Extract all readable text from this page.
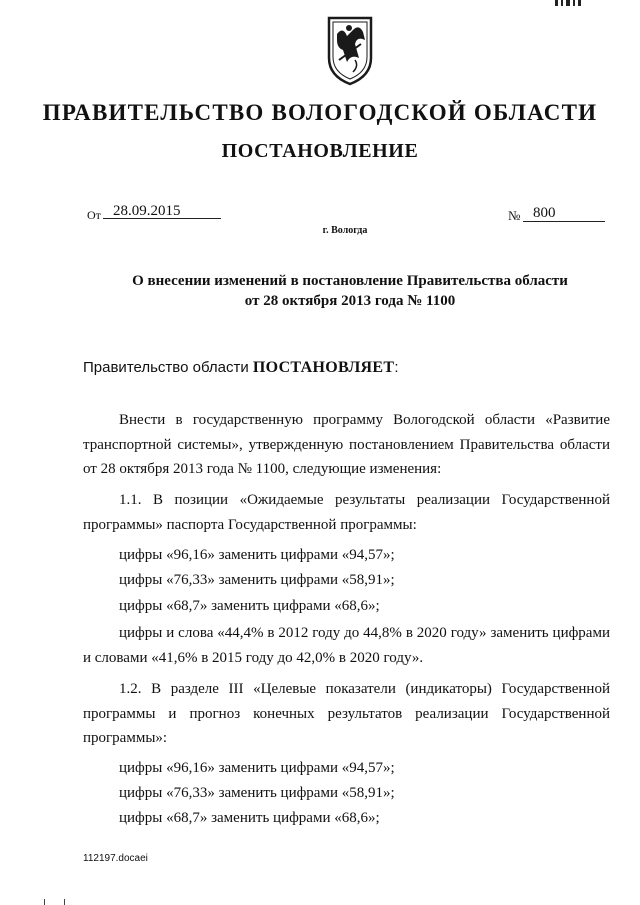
ПРАВИТЕЛЬСТВО ВОЛОГОДСКОЙ ОБЛАСТИ
ПОСТАНОВЛЕНИЕ
От 28.09.2015
г. Вологда
№ 800
О внесении изменений в постановление Правительства области
от 28 октября 2013 года № 1100
Правительство области ПОСТАНОВЛЯЕТ:
Внести в государственную программу Вологодской области «Развитие транспортной системы», утвержденную постановлением Правительства области от 28 октября 2013 года № 1100, следующие изменения:
1.1. В позиции «Ожидаемые результаты реализации Государственной программы» паспорта Государственной программы:
цифры «96,16» заменить цифрами «94,57»;
цифры «76,33» заменить цифрами «58,91»;
цифры «68,7» заменить цифрами «68,6»;
цифры и слова «44,4% в 2012 году до 44,8% в 2020 году» заменить цифрами и словами «41,6% в 2015 году до 42,0% в 2020 году».
1.2. В разделе III «Целевые показатели (индикаторы) Государственной программы и прогноз конечных результатов реализации Государственной программы»:
цифры «96,16» заменить цифрами «94,57»;
цифры «76,33» заменить цифрами «58,91»;
цифры «68,7» заменить цифрами «68,6»;
112197.docaei
